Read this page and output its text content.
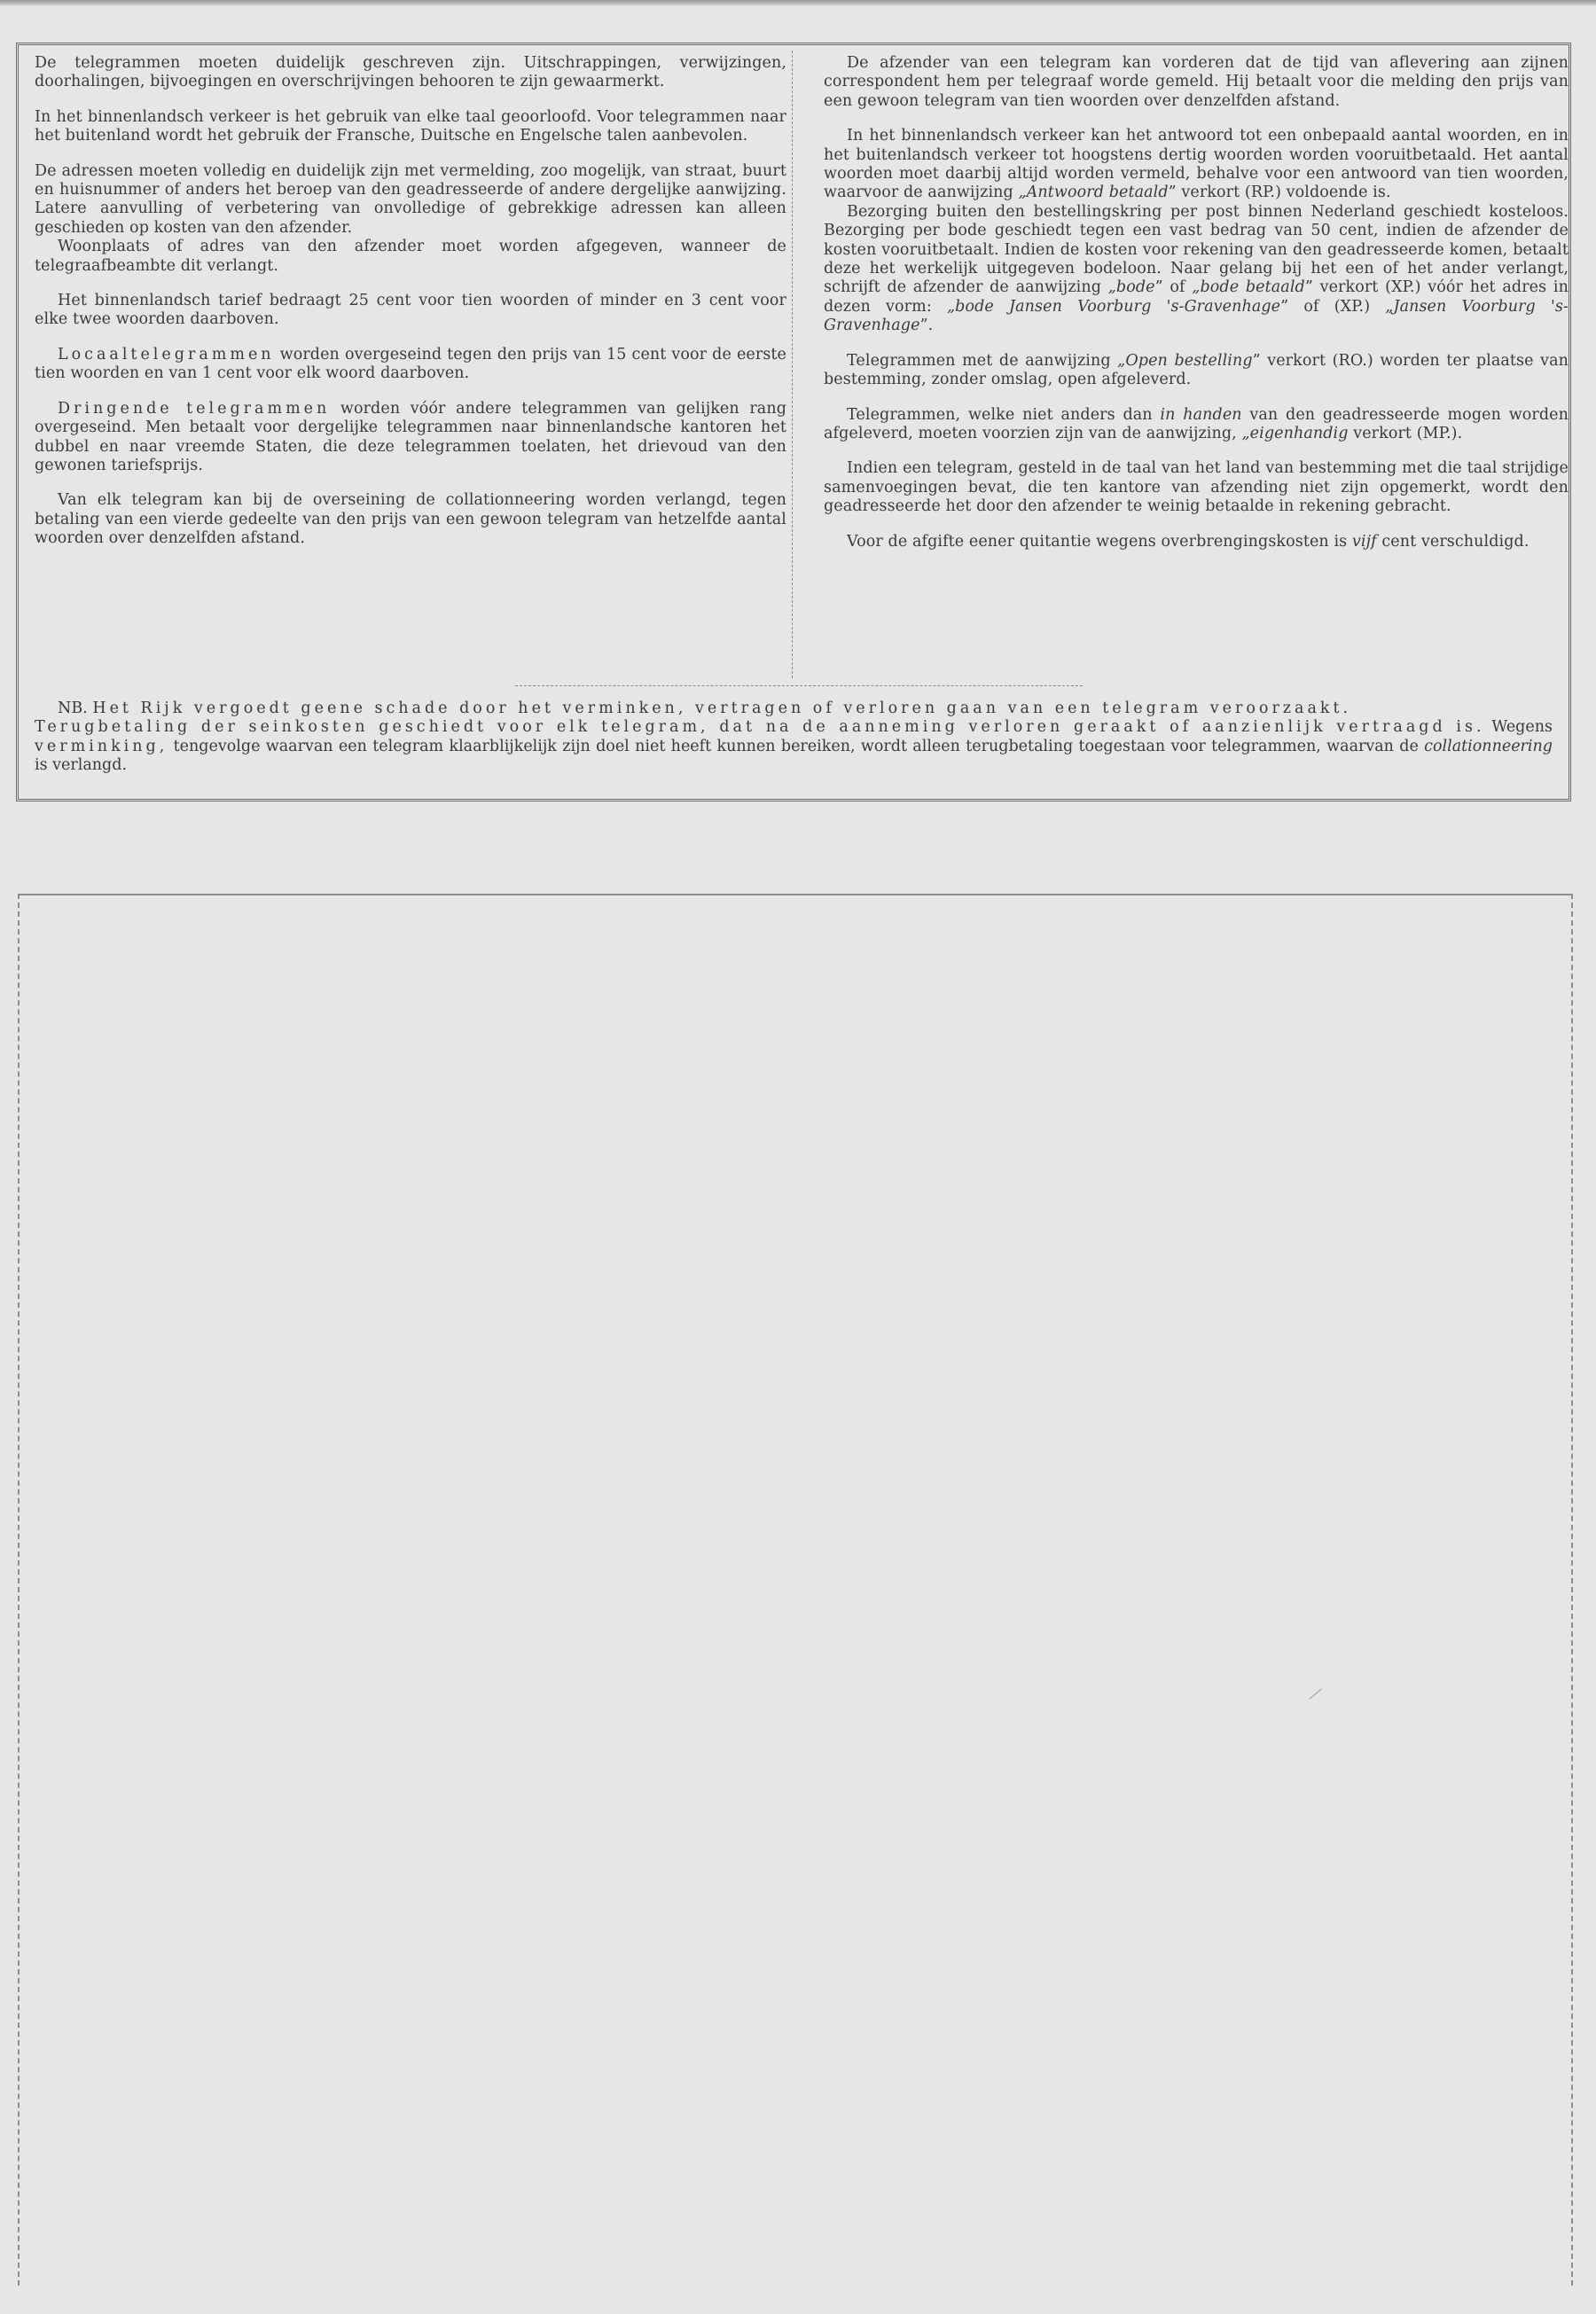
De telegrammen moeten duidelijk geschreven zijn. Uitschrappingen, verwijzingen, doorhalingen, bijvoegingen en overschrijvingen behooren te zijn gewaarmerkt.

In het binnenlandsch verkeer is het gebruik van elke taal geoorloofd. Voor telegrammen naar het buitenland wordt het gebruik der Fransche, Duitsche en Engelsche talen aanbevolen.

De adressen moeten volledig en duidelijk zijn met vermelding, zoo mogelijk, van straat, buurt en huisnummer of anders het beroep van den geadresseerde of andere dergelijke aanwijzing. Latere aanvulling of verbetering van onvolledige of gebrekkige adressen kan alleen geschieden op kosten van den afzender.

Woonplaats of adres van den afzender moet worden afgegeven, wanneer de telegraafbeambte dit verlangt.

Het binnenlandsch tarief bedraagt 25 cent voor tien woorden of minder en 3 cent voor elke twee woorden daarboven.

Locaaltelegrammen worden overgeseind tegen den prijs van 15 cent voor de eerste tien woorden en van 1 cent voor elk woord daarboven.

Dringende telegrammen worden vóór andere telegrammen van gelijken rang overgeseind. Men betaalt voor dergelijke telegrammen naar binnenlandsche kantoren het dubbel en naar vreemde Staten, die deze telegrammen toelaten, het drievoud van den gewonen tariefsprijs.

Van elk telegram kan bij de overseining de collationneering worden verlangd, tegen betaling van een vierde gedeelte van den prijs van een gewoon telegram van hetzelfde aantal woorden over denzelfden afstand.

De afzender van een telegram kan vorderen dat de tijd van aflevering aan zijnen correspondent hem per telegraaf worde gemeld. Hij betaalt voor die melding den prijs van een gewoon telegram van tien woorden over denzelfden afstand.

In het binnenlandsch verkeer kan het antwoord tot een onbepaald aantal woorden, en in het buitenlandsch verkeer tot hoogstens dertig woorden worden vooruitbetaald. Het aantal woorden moet daarbij altijd worden vermeld, behalve voor een antwoord van tien woorden, waarvoor de aanwijzing „Antwoord betaald” verkort (RP.) voldoende is.

Bezorging buiten den bestellingskring per post binnen Nederland geschiedt kosteloos. Bezorging per bode geschiedt tegen een vast bedrag van 50 cent, indien de afzender de kosten vooruitbetaalt. Indien de kosten voor rekening van den geadresseerde komen, betaalt deze het werkelijk uitgegeven bodeloon. Naar gelang bij het een of het ander verlangt, schrijft de afzender de aanwijzing „bode” of „bode betaald” verkort (XP.) vóór het adres in dezen vorm: „bode Jansen Voorburg 's-Gravenhage” of (XP.) „Jansen Voorburg 's-Gravenhage”.

Telegrammen met de aanwijzing „Open bestelling” verkort (RO.) worden ter plaatse van bestemming, zonder omslag, open afgeleverd.

Telegrammen, welke niet anders dan in handen van den geadresseerde mogen worden afgeleverd, moeten voorzien zijn van de aanwijzing, „eigenhandig verkort (MP.).

Indien een telegram, gesteld in de taal van het land van bestemming met die taal strijdige samenvoegingen bevat, die ten kantore van afzending niet zijn opgemerkt, wordt den geadresseerde het door den afzender te weinig betaalde in rekening gebracht.

Voor de afgifte eener quitantie wegens overbrengingskosten is vijf cent verschuldigd.

NB. Het Rijk vergoedt geene schade door het verminken, vertragen of verloren gaan van een telegram veroorzaakt.
Terugbetaling der seinkosten geschiedt voor elk telegram, dat na de aanneming verloren geraakt of aanzienlijk vertraagd is. Wegens verminking, tengevolge waarvan een telegram klaarblijkelijk zijn doel niet heeft kunnen bereiken, wordt alleen terugbetaling toegestaan voor telegrammen, waarvan de collationneering is verlangd.
